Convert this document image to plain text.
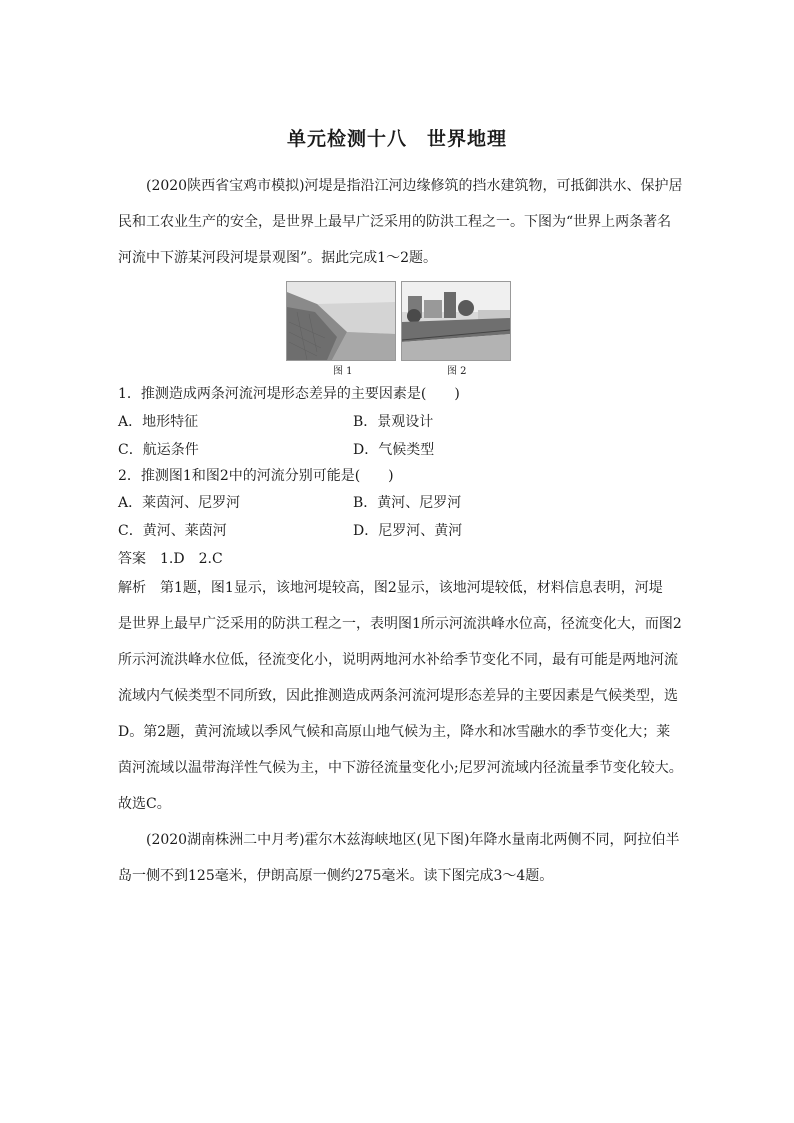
单元检测十八　世界地理
(2020陕西省宝鸡市模拟)河堤是指沿江河边缘修筑的挡水建筑物，可抵御洪水、保护居
民和工农业生产的安全，是世界上最早广泛采用的防洪工程之一。下图为“世界上两条著名
河流中下游某河段河堤景观图”。据此完成1～2题。
图 1	图 2
1．推测造成两条河流河堤形态差异的主要因素是(　　)
A．地形特征	B．景观设计
C．航运条件	D．气候类型
2．推测图1和图2中的河流分别可能是(　　)
A．莱茵河、尼罗河	B．黄河、尼罗河
C．黄河、莱茵河	D．尼罗河、黄河
答案　1.D　2.C
解析　第1题，图1显示，该地河堤较高，图2显示，该地河堤较低，材料信息表明，河堤
是世界上最早广泛采用的防洪工程之一，表明图1所示河流洪峰水位高，径流变化大，而图2
所示河流洪峰水位低，径流变化小，说明两地河水补给季节变化不同，最有可能是两地河流
流域内气候类型不同所致，因此推测造成两条河流河堤形态差异的主要因素是气候类型，选
D。第2题，黄河流域以季风气候和高原山地气候为主，降水和冰雪融水的季节变化大；莱
茵河流域以温带海洋性气候为主，中下游径流量变化小;尼罗河流域内径流量季节变化较大。
故选C。
(2020湖南株洲二中月考)霍尔木兹海峡地区(见下图)年降水量南北两侧不同，阿拉伯半
岛一侧不到125毫米，伊朗高原一侧约275毫米。读下图完成3～4题。
